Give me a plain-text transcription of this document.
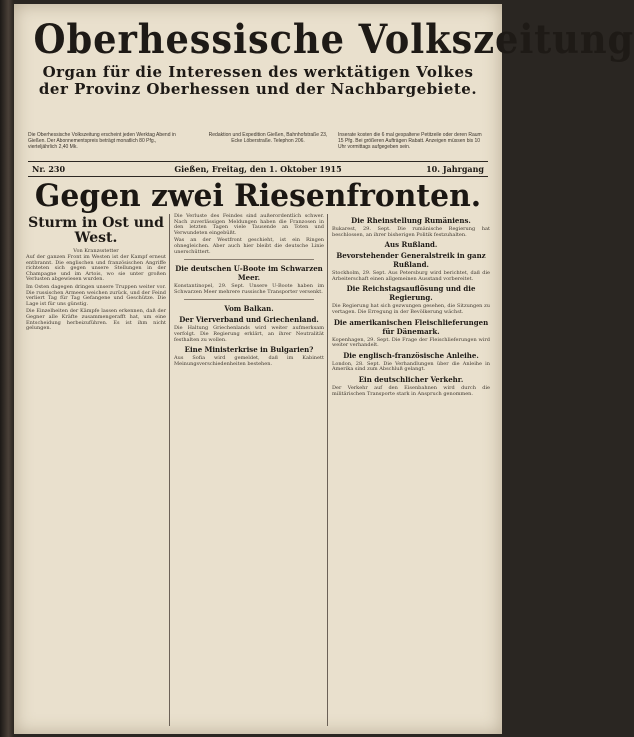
Oberhessische Volkszeitung
Organ für die Interessen des werktätigen Volkes
der Provinz Oberhessen und der Nachbargebiete.
Die Oberhessische Volkszeitung erscheint jeden Werktag Abend in Gießen. Der Abonnementspreis beträgt monatlich 80 Pfg., vierteljährlich 2,40 Mk.
Redaktion und Expedition Gießen, Bahnhofstraße 23, Ecke Löberstraße. Telephon 206.
Inserate kosten die 6 mal gespaltene Petitzeile oder deren Raum 15 Pfg. Bei größeren Aufträgen Rabatt. Anzeigen müssen bis 10 Uhr vormittags aufgegeben sein.
Nr. 230	Gießen, Freitag, den 1. Oktober 1915	10. Jahrgang
Gegen zwei Riesenfronten.
Sturm in Ost und West.
Von Kranzsstetter

Auf der ganzen Front im Westen ist der Kampf erneut entbrannt. Die englischen und französischen Angriffe richteten sich gegen unsere Stellungen in der Champagne und im Artois, wo sie unter großen Verlusten abgewiesen wurden.

Im Osten dagegen dringen unsere Truppen weiter vor. Die russischen Armeen weichen zurück, und der Feind verliert Tag für Tag Gefangene und Geschütze. Die Lage ist für uns günstig.

Die Einzelheiten der Kämpfe lassen erkennen, daß der Gegner alle Kräfte zusammengerafft hat, um eine Entscheidung herbeizuführen. Es ist ihm nicht gelungen.

Die Verluste des Feindes sind außerordentlich schwer. Nach zuverlässigen Meldungen haben die Franzosen in den letzten Tagen viele Tausende an Toten und Verwundeten eingebüßt.

Was an der Westfront geschieht, ist ein Ringen ohnegleichen. Aber auch hier bleibt die deutsche Linie unerschüttert.

Die deutschen U-Boote im Schwarzen Meer.

Konstantinopel, 29. Sept. Unsere U-Boote haben im Schwarzen Meer mehrere russische Transporter versenkt.

Vom Balkan.
Der Vierverband und Griechenland.

Die Haltung Griechenlands wird weiter aufmerksam verfolgt. Die Regierung erklärt, an ihrer Neutralität festhalten zu wollen.

Eine Ministerkrise in Bulgarien?

Aus Sofia wird gemeldet, daß im Kabinett Meinungsverschiedenheiten bestehen.

Die Rheinstellung Rumäniens.

Bukarest, 29. Sept. Die rumänische Regierung hat beschlossen, an ihrer bisherigen Politik festzuhalten.

Aus Rußland.
Bevorstehender Generalstreik in ganz Rußland.

Stockholm, 29. Sept. Aus Petersburg wird berichtet, daß die Arbeiterschaft einen allgemeinen Ausstand vorbereitet.

Die Reichstagsauflösung und die Regierung.

Die Regierung hat sich gezwungen gesehen, die Sitzungen zu vertagen. Die Erregung in der Bevölkerung wächst.

Die amerikanischen Fleischlieferungen für Dänemark.

Kopenhagen, 29. Sept. Die Frage der Fleischlieferungen wird weiter verhandelt.

Die englisch-französische Anleihe.

London, 28. Sept. Die Verhandlungen über die Anleihe in Amerika sind zum Abschluß gelangt.

Ein deutschlicher Verkehr.

Der Verkehr auf den Eisenbahnen wird durch die militärischen Transporte stark in Anspruch genommen.
